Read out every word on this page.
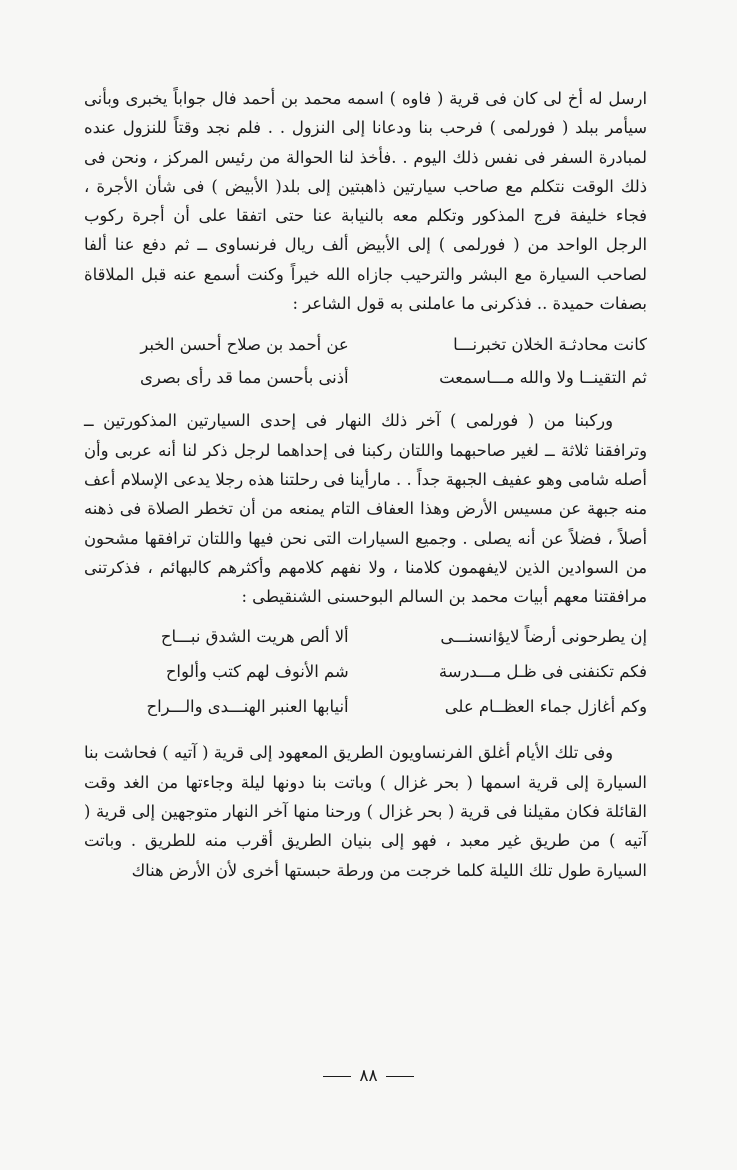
ارسل له أخ لى كان فى قرية ( فاوه ) اسمه محمد بن أحمد فال جواباً يخبرى وبأنى سيأمر ببلد ( فورلمى ) فرحب بنا ودعانا إلى النزول . . فلم نجد وقتاً للنزول عنده لمبادرة السفر فى نفس ذلك اليوم . .فأخذ لنا الحوالة من رئيس المركز ، ونحن فى ذلك الوقت نتكلم مع صاحب سيارتين ذاهبتين إلى بلد( الأبيض ) فى شأن الأجرة ، فجاء خليفة فرج المذكور وتكلم معه بالنيابة عنا حتى اتفقا على أن أجرة ركوب الرجل الواحد من ( فورلمى ) إلى الأبيض ألف ريال فرنساوى ــ ثم دفع عنا ألفا لصاحب السيارة مع البشر والترحيب جازاه الله خيراً وكنت أسمع عنه قبل الملاقاة بصفات حميدة .. فذكرنى ما عاملنى به قول الشاعر :

كانت محادثـة الخلان تخبرنـــا
عن أحمد بن صلاح أحسن الخبر
ثم التقينــا ولا والله مـــاسمعت
أذنى بأحسن مما قد رأى بصرى

وركبنا من ( فورلمى ) آخر ذلك النهار فى إحدى السيارتين المذكورتين ــ وترافقنا ثلاثة ــ لغير صاحبهما واللتان ركبنا فى إحداهما لرجل ذكر لنا أنه عربى وأن أصله شامى وهو عفيف الجبهة جداً . . مارأينا فى رحلتنا هذه رجلا يدعى الإسلام أعف منه جبهة عن مسيس الأرض وهذا العفاف التام يمنعه من أن تخطر الصلاة فى ذهنه أصلاً ، فضلاً عن أنه يصلى . وجميع السيارات التى نحن فيها واللتان ترافقها مشحون من السوادين الذين لايفهمون كلامنا ، ولا نفهم كلامهم وأكثرهم كالبهائم ، فذكرتنى مرافقتنا معهم أبيات محمد بن السالم البوحسنى الشنقيطى :

إن يطرحونى أرضاً لايؤانسنـــى
ألا ألص هريت الشدق نبـــاح
فكم تكنفنى فى ظـل مـــدرسة
شم الأنوف لهم كتب وألواح
وكم أغازل جماء العظــام على
أنيابها العنبر الهنـــدى والـــراح

وفى تلك الأيام أغلق الفرنساويون الطريق المعهود إلى قرية ( آتيه ) فحاشت بنا السيارة إلى قرية اسمها ( بحر غزال ) وباتت بنا دونها ليلة وجاءتها من الغد وقت القائلة فكان مقيلنا فى قرية ( بحر غزال ) ورحنا منها آخر النهار متوجهين إلى قرية ( آتيه ) من طريق غير معبد ، فهو إلى بنيان الطريق أقرب منه للطريق . وباتت السيارة طول تلك الليلة كلما خرجت من ورطة حبستها أخرى لأن الأرض هناك

٨٨
